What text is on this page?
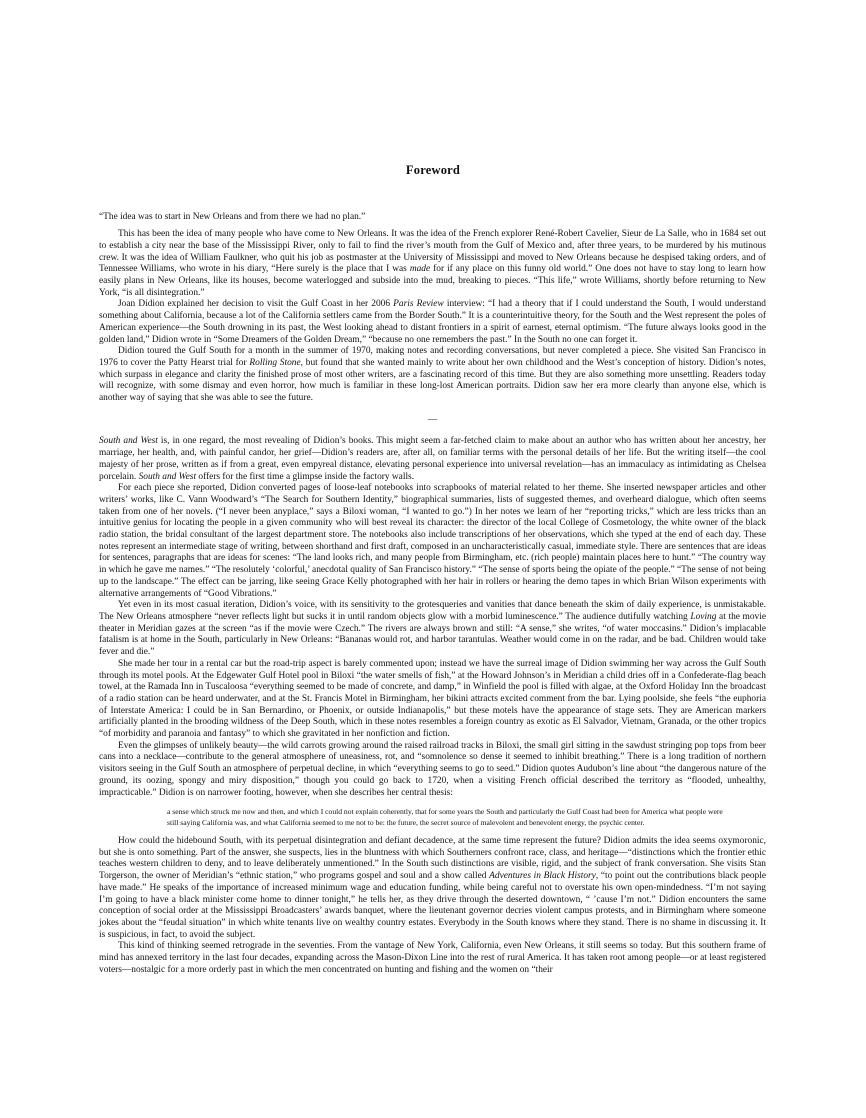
Foreword

“The idea was to start in New Orleans and from there we had no plan.”

This has been the idea of many people who have come to New Orleans. It was the idea of the French explorer René-Robert Cavelier, Sieur de La Salle, who in 1684 set out to establish a city near the base of the Mississippi River, only to fail to find the river’s mouth from the Gulf of Mexico and, after three years, to be murdered by his mutinous crew. It was the idea of William Faulkner, who quit his job as postmaster at the University of Mississippi and moved to New Orleans because he despised taking orders, and of Tennessee Williams, who wrote in his diary, “Here surely is the place that I was made for if any place on this funny old world.” One does not have to stay long to learn how easily plans in New Orleans, like its houses, become waterlogged and subside into the mud, breaking to pieces. “This life,” wrote Williams, shortly before returning to New York, “is all disintegration.”

Joan Didion explained her decision to visit the Gulf Coast in her 2006 Paris Review interview: “I had a theory that if I could understand the South, I would understand something about California, because a lot of the California settlers came from the Border South.” It is a counterintuitive theory, for the South and the West represent the poles of American experience—the South drowning in its past, the West looking ahead to distant frontiers in a spirit of earnest, eternal optimism. “The future always looks good in the golden land,” Didion wrote in “Some Dreamers of the Golden Dream,” “because no one remembers the past.” In the South no one can forget it.

Didion toured the Gulf South for a month in the summer of 1970, making notes and recording conversations, but never completed a piece. She visited San Francisco in 1976 to cover the Patty Hearst trial for Rolling Stone, but found that she wanted mainly to write about her own childhood and the West’s conception of history. Didion’s notes, which surpass in elegance and clarity the finished prose of most other writers, are a fascinating record of this time. But they are also something more unsettling. Readers today will recognize, with some dismay and even horror, how much is familiar in these long-lost American portraits. Didion saw her era more clearly than anyone else, which is another way of saying that she was able to see the future.

—

South and West is, in one regard, the most revealing of Didion’s books. This might seem a far-fetched claim to make about an author who has written about her ancestry, her marriage, her health, and, with painful candor, her grief—Didion’s readers are, after all, on familiar terms with the personal details of her life. But the writing itself—the cool majesty of her prose, written as if from a great, even empyreal distance, elevating personal experience into universal revelation—has an immaculacy as intimidating as Chelsea porcelain. South and West offers for the first time a glimpse inside the factory walls.

For each piece she reported, Didion converted pages of loose-leaf notebooks into scrapbooks of material related to her theme. She inserted newspaper articles and other writers’ works, like C. Vann Woodward’s “The Search for Southern Identity,” biographical summaries, lists of suggested themes, and overheard dialogue, which often seems taken from one of her novels. (“I never been anyplace,” says a Biloxi woman, “I wanted to go.”) In her notes we learn of her “reporting tricks,” which are less tricks than an intuitive genius for locating the people in a given community who will best reveal its character: the director of the local College of Cosmetology, the white owner of the black radio station, the bridal consultant of the largest department store. The notebooks also include transcriptions of her observations, which she typed at the end of each day. These notes represent an intermediate stage of writing, between shorthand and first draft, composed in an uncharacteristically casual, immediate style. There are sentences that are ideas for sentences, paragraphs that are ideas for scenes: “The land looks rich, and many people from Birmingham, etc. (rich people) maintain places here to hunt.” “The country way in which he gave me names.” “The resolutely ‘colorful,’ anecdotal quality of San Francisco history.” “The sense of sports being the opiate of the people.” “The sense of not being up to the landscape.” The effect can be jarring, like seeing Grace Kelly photographed with her hair in rollers or hearing the demo tapes in which Brian Wilson experiments with alternative arrangements of “Good Vibrations.”

Yet even in its most casual iteration, Didion’s voice, with its sensitivity to the grotesqueries and vanities that dance beneath the skim of daily experience, is unmistakable. The New Orleans atmosphere “never reflects light but sucks it in until random objects glow with a morbid luminescence.” The audience dutifully watching Loving at the movie theater in Meridian gazes at the screen “as if the movie were Czech.” The rivers are always brown and still: “A sense,” she writes, “of water moccasins.” Didion’s implacable fatalism is at home in the South, particularly in New Orleans: “Bananas would rot, and harbor tarantulas. Weather would come in on the radar, and be bad. Children would take fever and die.”

She made her tour in a rental car but the road-trip aspect is barely commented upon; instead we have the surreal image of Didion swimming her way across the Gulf South through its motel pools. At the Edgewater Gulf Hotel pool in Biloxi “the water smells of fish,” at the Howard Johnson’s in Meridian a child dries off in a Confederate-flag beach towel, at the Ramada Inn in Tuscaloosa “everything seemed to be made of concrete, and damp,” in Winfield the pool is filled with algae, at the Oxford Holiday Inn the broadcast of a radio station can be heard underwater, and at the St. Francis Motel in Birmingham, her bikini attracts excited comment from the bar. Lying poolside, she feels “the euphoria of Interstate America: I could be in San Bernardino, or Phoenix, or outside Indianapolis,” but these motels have the appearance of stage sets. They are American markers artificially planted in the brooding wildness of the Deep South, which in these notes resembles a foreign country as exotic as El Salvador, Vietnam, Granada, or the other tropics “of morbidity and paranoia and fantasy” to which she gravitated in her nonfiction and fiction.

Even the glimpses of unlikely beauty—the wild carrots growing around the raised railroad tracks in Biloxi, the small girl sitting in the sawdust stringing pop tops from beer cans into a necklace—contribute to the general atmosphere of uneasiness, rot, and “somnolence so dense it seemed to inhibit breathing.” There is a long tradition of northern visitors seeing in the Gulf South an atmosphere of perpetual decline, in which “everything seems to go to seed.” Didion quotes Audubon’s line about “the dangerous nature of the ground, its oozing, spongy and miry disposition,” though you could go back to 1720, when a visiting French official described the territory as “flooded, unhealthy, impracticable.” Didion is on narrower footing, however, when she describes her central thesis:

a sense which struck me now and then, and which I could not explain coherently, that for some years the South and particularly the Gulf Coast had been for America what people were still saying California was, and what California seemed to me not to be: the future, the secret source of malevolent and benevolent energy, the psychic center.

How could the hidebound South, with its perpetual disintegration and defiant decadence, at the same time represent the future? Didion admits the idea seems oxymoronic, but she is onto something. Part of the answer, she suspects, lies in the bluntness with which Southerners confront race, class, and heritage—“distinctions which the frontier ethic teaches western children to deny, and to leave deliberately unmentioned.” In the South such distinctions are visible, rigid, and the subject of frank conversation. She visits Stan Torgerson, the owner of Meridian’s “ethnic station,” who programs gospel and soul and a show called Adventures in Black History, “to point out the contributions black people have made.” He speaks of the importance of increased minimum wage and education funding, while being careful not to overstate his own open-mindedness. “I’m not saying I’m going to have a black minister come home to dinner tonight,” he tells her, as they drive through the deserted downtown, “ ’cause I’m not.” Didion encounters the same conception of social order at the Mississippi Broadcasters’ awards banquet, where the lieutenant governor decries violent campus protests, and in Birmingham where someone jokes about the “feudal situation” in which white tenants live on wealthy country estates. Everybody in the South knows where they stand. There is no shame in discussing it. It is suspicious, in fact, to avoid the subject.

This kind of thinking seemed retrograde in the seventies. From the vantage of New York, California, even New Orleans, it still seems so today. But this southern frame of mind has annexed territory in the last four decades, expanding across the Mason-Dixon Line into the rest of rural America. It has taken root among people—or at least registered voters—nostalgic for a more orderly past in which the men concentrated on hunting and fishing and the women on “their
